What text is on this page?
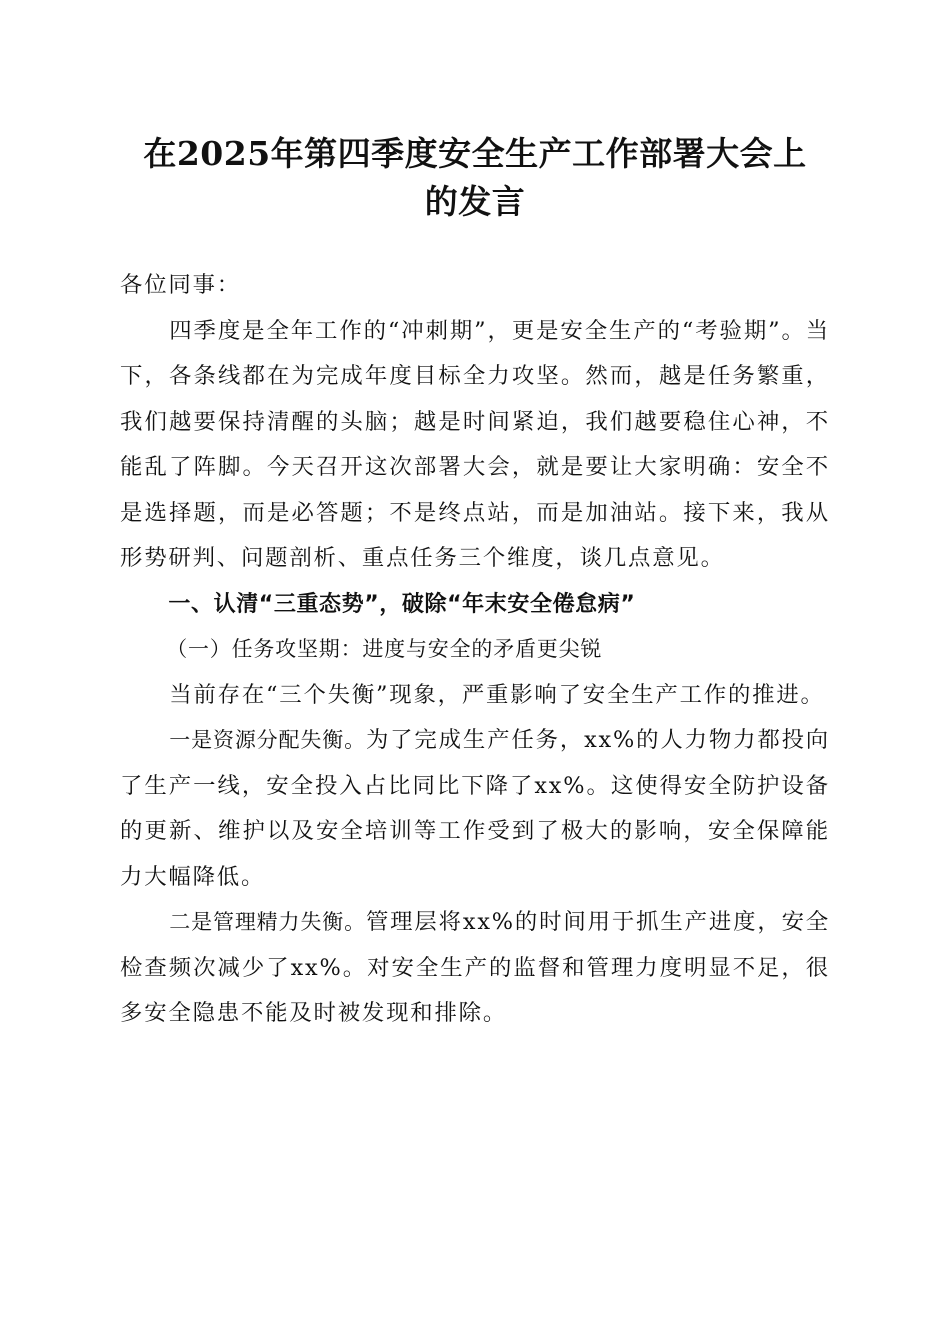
在2025年第四季度安全生产工作部署大会上
的发言

各位同事：

四季度是全年工作的“冲刺期”，更是安全生产的“考验期”。当下，各条线都在为完成年度目标全力攻坚。然而，越是任务繁重，我们越要保持清醒的头脑；越是时间紧迫，我们越要稳住心神，不能乱了阵脚。今天召开这次部署大会，就是要让大家明确：安全不是选择题，而是必答题；不是终点站，而是加油站。接下来，我从形势研判、问题剖析、重点任务三个维度，谈几点意见。

一、认清“三重态势”，破除“年末安全倦怠病”

（一）任务攻坚期：进度与安全的矛盾更尖锐

当前存在“三个失衡”现象，严重影响了安全生产工作的推进。

一是资源分配失衡。为了完成生产任务，xx%的人力物力都投向了生产一线，安全投入占比同比下降了xx%。这使得安全防护设备的更新、维护以及安全培训等工作受到了极大的影响，安全保障能力大幅降低。

二是管理精力失衡。管理层将xx%的时间用于抓生产进度，安全检查频次减少了xx%。对安全生产的监督和管理力度明显不足，很多安全隐患不能及时被发现和排除。
